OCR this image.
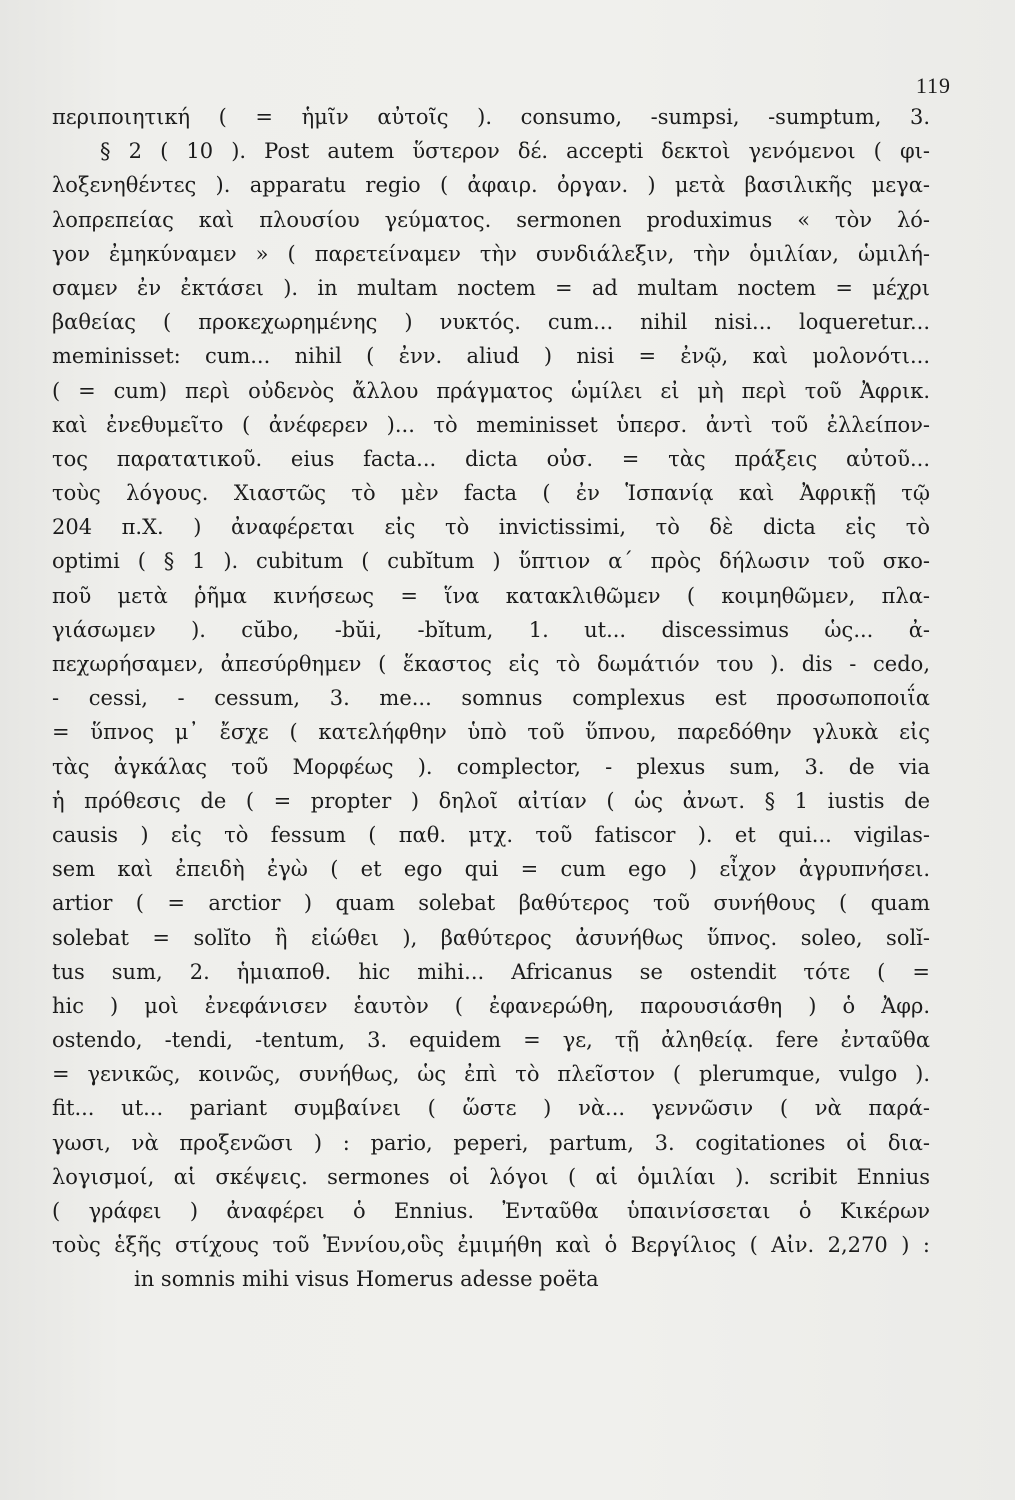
119
περιποιητική ( = ἡμῖν αὐτοῖς ). consumo, -sumpsi, -sumptum, 3.
§ 2 ( 10 ). Post autem ὕστερον δέ. accepti δεκτοὶ γενόμενοι ( φι-
λοξενηθέντες ). apparatu regio ( ἀφαιρ. ὀργαν. ) μετὰ βασιλικῆς μεγα-
λοπρεπείας καὶ πλουσίου γεύματος. sermonen produximus « τὸν λό-
γον ἐμηκύναμεν » ( παρετείναμεν τὴν συνδιάλεξιν, τὴν ὁμιλίαν, ὡμιλή-
σαμεν ἐν ἐκτάσει ). in multam noctem = ad multam noctem = μέχρι
βαθείας ( προκεχωρημένης ) νυκτός. cum... nihil nisi... loqueretur...
meminisset: cum... nihil ( ἐνν. aliud ) nisi = ἐνῷ, καὶ μολονότι...
( = cum) περὶ οὐδενὸς ἄλλου πράγματος ὡμίλει εἰ μὴ περὶ τοῦ Ἀφρικ.
καὶ ἐνεθυμεῖτο ( ἀνέφερεν )... τὸ meminisset ὑπερσ. ἀντὶ τοῦ ἐλλείπον-
τος παρατατικοῦ. eius facta... dicta οὐσ. = τὰς πράξεις αὐτοῦ...
τοὺς λόγους. Χιαστῶς τὸ μὲν facta ( ἐν Ἱσπανίᾳ καὶ Ἀφρικῇ τῷ
204 π.Χ. ) ἀναφέρεται εἰς τὸ invictissimi, τὸ δὲ dicta εἰς τὸ
optimi ( § 1 ). cubitum ( cubĭtum ) ὕπτιον α΄ πρὸς δήλωσιν τοῦ σκο-
ποῦ μετὰ ῥῆμα κινήσεως = ἵνα κατακλιθῶμεν ( κοιμηθῶμεν, πλα-
γιάσωμεν ). cŭbo, -bŭi, -bĭtum, 1. ut... discessimus ὡς... ἀ-
πεχωρήσαμεν, ἀπεσύρθημεν ( ἕκαστος εἰς τὸ δωμάτιόν του ). dis - cedo,
- cessi, - cessum, 3. me... somnus complexus est προσωποποιΐα
= ὕπνος μ᾿ ἔσχε ( κατελήφθην ὑπὸ τοῦ ὕπνου, παρεδόθην γλυκὰ εἰς
τὰς ἀγκάλας τοῦ Μορφέως ). complector, - plexus sum, 3. de via
ἡ πρόθεσις de ( = propter ) δηλοῖ αἰτίαν ( ὡς ἀνωτ. § 1 iustis de
causis ) εἰς τὸ fessum ( παθ. μτχ. τοῦ fatiscor ). et qui... vigilas-
sem καὶ ἐπειδὴ ἐγὼ ( et ego qui = cum ego ) εἶχον ἀγρυπνήσει.
artior ( = arctior ) quam solebat βαθύτερος τοῦ συνήθους ( quam
solebat = solĭto ἢ εἰώθει ), βαθύτερος ἀσυνήθως ὕπνος. soleo, solĭ-
tus sum, 2. ἡμιαποθ. hic mihi... Africanus se ostendit τότε ( =
hic ) μοὶ ἐνεφάνισεν ἑαυτὸν ( ἐφανερώθη, παρουσιάσθη ) ὁ Ἀφρ.
ostendo, -tendi, -tentum, 3. equidem = γε, τῇ ἀληθείᾳ. fere ἐνταῦθα
= γενικῶς, κοινῶς, συνήθως, ὡς ἐπὶ τὸ πλεῖστον ( plerumque, vulgo ).
fit... ut... pariant συμβαίνει ( ὥστε ) νὰ... γεννῶσιν ( νὰ παρά-
γωσι, νὰ προξενῶσι ) : pario, peperi, partum, 3. cogitationes οἱ δια-
λογισμοί, αἱ σκέψεις. sermones οἱ λόγοι ( αἱ ὁμιλίαι ). scribit Ennius
( γράφει ) ἀναφέρει ὁ Ennius. Ἐνταῦθα ὑπαινίσσεται ὁ Κικέρων
τοὺς ἑξῆς στίχους τοῦ Ἐννίου,οὓς ἐμιμήθη καὶ ὁ Βεργίλιος ( Αἰν. 2,270 ) :
in somnis mihi visus Homerus adesse poëta
